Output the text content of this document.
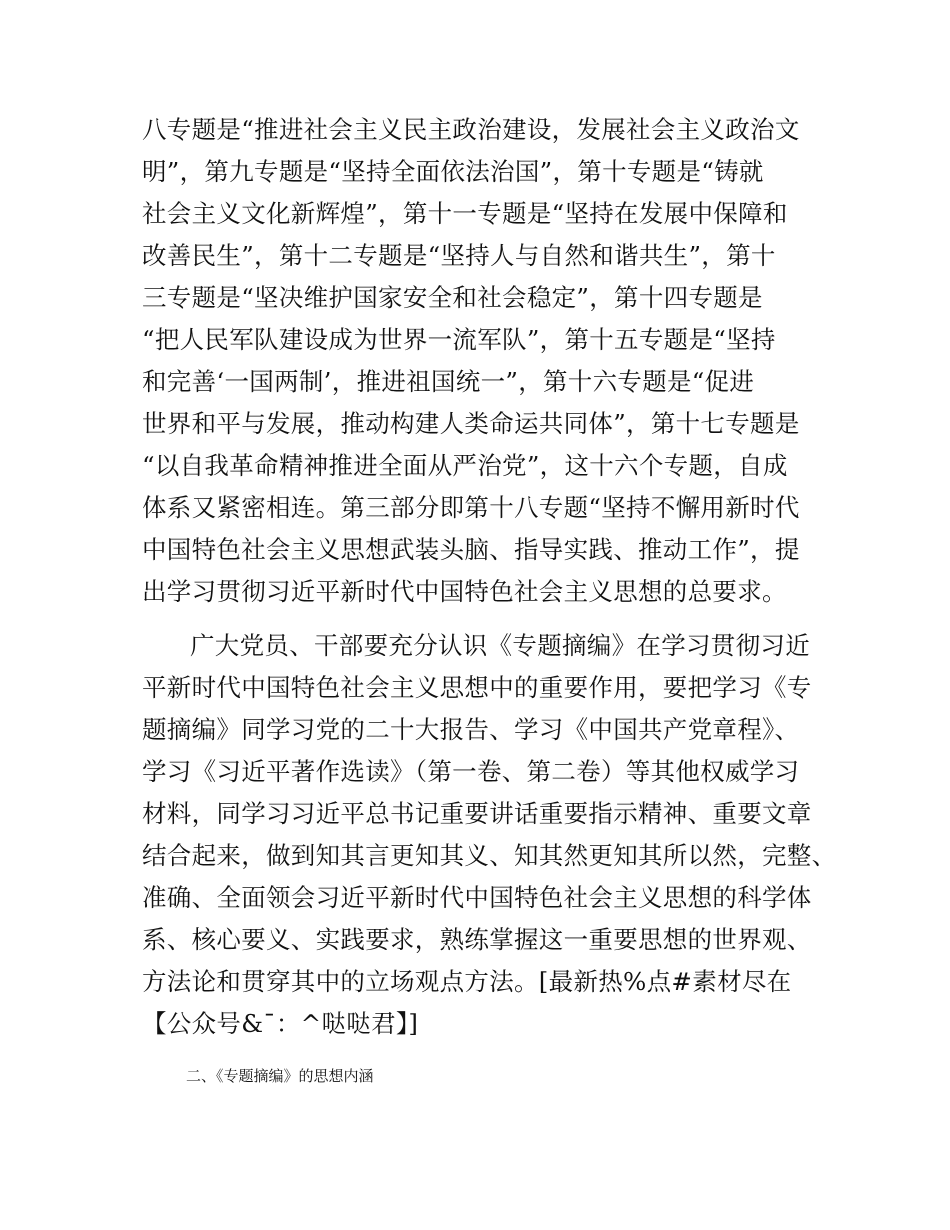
八专题是“推进社会主义民主政治建设，发展社会主义政治文
明”，第九专题是“坚持全面依法治国”，第十专题是“铸就
社会主义文化新辉煌”，第十一专题是“坚持在发展中保障和
改善民生”，第十二专题是“坚持人与自然和谐共生”，第十
三专题是“坚决维护国家安全和社会稳定”，第十四专题是
“把人民军队建设成为世界一流军队”，第十五专题是“坚持
和完善‘一国两制’，推进祖国统一”，第十六专题是“促进
世界和平与发展，推动构建人类命运共同体”，第十七专题是
“以自我革命精神推进全面从严治党”，这十六个专题，自成
体系又紧密相连。第三部分即第十八专题“坚持不懈用新时代
中国特色社会主义思想武装头脑、指导实践、推动工作”，提
出学习贯彻习近平新时代中国特色社会主义思想的总要求。
广大党员、干部要充分认识《专题摘编》在学习贯彻习近
平新时代中国特色社会主义思想中的重要作用，要把学习《专
题摘编》同学习党的二十大报告、学习《中国共产党章程》、
学习《习近平著作选读》（第一卷、第二卷）等其他权威学习
材料，同学习习近平总书记重要讲话重要指示精神、重要文章
结合起来，做到知其言更知其义、知其然更知其所以然，完整、
准确、全面领会习近平新时代中国特色社会主义思想的科学体
系、核心要义、实践要求，熟练掌握这一重要思想的世界观、
方法论和贯穿其中的立场观点方法。[最新热%点#素材尽在
【公众号&¯：^哒哒君】]
二、《专题摘编》的思想内涵
